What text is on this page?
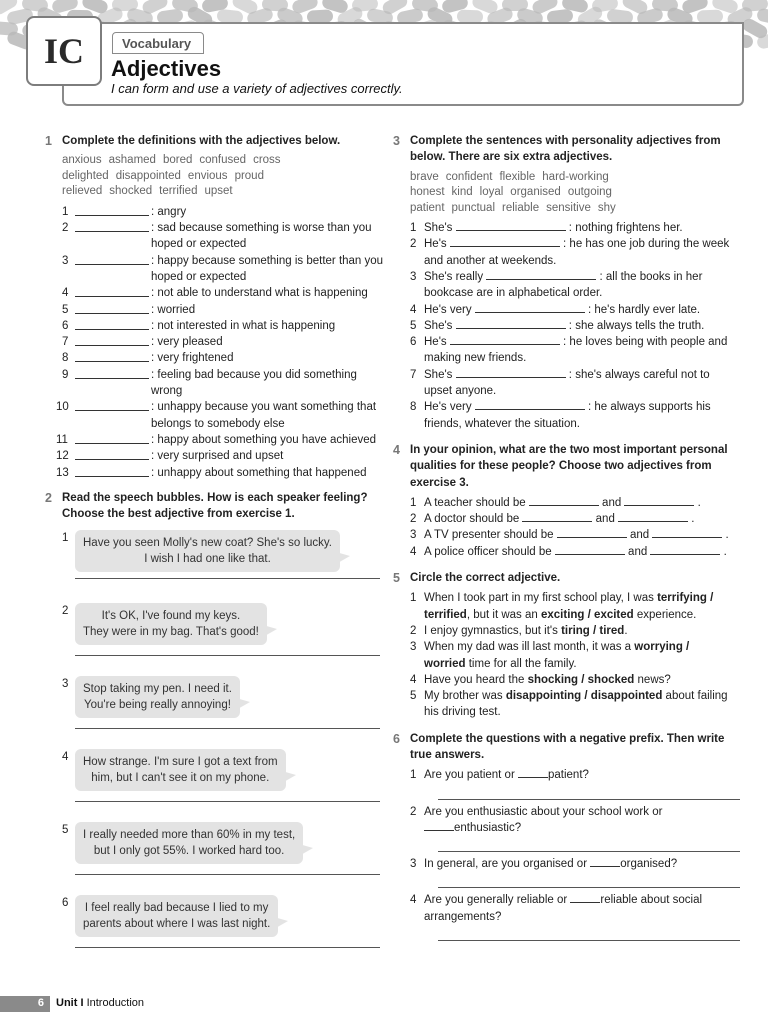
IC	Vocabulary
Adjectives
I can form and use a variety of adjectives correctly.
1 Complete the definitions with the adjectives below.
anxious ashamed bored confused cross
delighted disappointed envious proud
relieved shocked terrified upset
1	: angry
2	: sad because something is worse than you hoped or expected
3	: happy because something is better than you hoped or expected
4	: not able to understand what is happening
5	: worried
6	: not interested in what is happening
7	: very pleased
8	: very frightened
9	: feeling bad because you did something wrong
10	: unhappy because you want something that belongs to somebody else
11	: happy about something you have achieved
12	: very surprised and upset
13	: unhappy about something that happened
2 Read the speech bubbles. How is each speaker feeling? Choose the best adjective from exercise 1.
1 Have you seen Molly's new coat? She's so lucky.
I wish I had one like that.
2	It's OK, I've found my keys.
They were in my bag. That's good!
3 Stop taking my pen. I need it.
You're being really annoying!
4 How strange. I'm sure I got a text from
him, but I can't see it on my phone.
5 I really needed more than 60% in my test,
but I only got 55%. I worked hard too.
6 I feel really bad because I lied to my
parents about where I was last night.
3 Complete the sentences with personality adjectives from below. There are six extra adjectives.
brave confident flexible hard-working
honest kind loyal organised outgoing
patient punctual reliable sensitive shy
1 She's	: nothing frightens her.
2 He's	: he has one job during the week
and another at weekends.
3 She's really	: all the books in her
bookcase are in alphabetical order.
4 He's very	: he's hardly ever late.
5 She's	: she always tells the truth.
6 He's	: he loves being with people and
making new friends.
7 She's	: she's always careful not to
upset anyone.
8 He's very	: he always supports his
friends, whatever the situation.
4 In your opinion, what are the two most important personal qualities for these people? Choose two adjectives from exercise 3.
1 A teacher should be	and	.
2 A doctor should be	and	.
3 A TV presenter should be	and	.
4 A police officer should be	and	.
5 Circle the correct adjective.
1 When I took part in my first school play, I was terrifying / terrified, but it was an exciting / excited experience.
2 I enjoy gymnastics, but it's tiring / tired.
3 When my dad was ill last month, it was a worrying / worried time for all the family.
4 Have you heard the shocking / shocked news?
5 My brother was disappointing / disappointed about failing his driving test.
6 Complete the questions with a negative prefix. Then write true answers.
1 Are you patient or	patient?
2 Are you enthusiastic about your school work or
enthusiastic?
3 In general, are you organised or	organised?
4 Are you generally reliable or	reliable about social
arrangements?
6	Unit I Introduction
